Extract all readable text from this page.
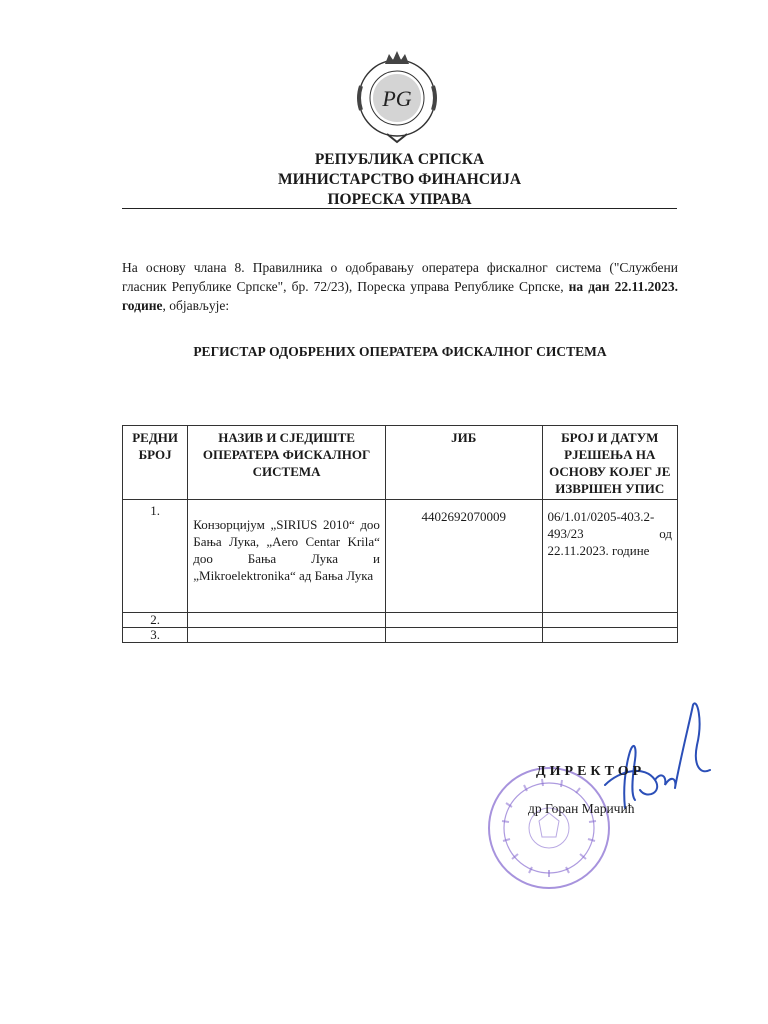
PG
РЕПУБЛИКА СРПСКА
МИНИСТАРСТВО ФИНАНСИЈА
ПОРЕСКА УПРАВА
На основу члана 8. Правилника о одобравању оператера фискалног система ("Службени гласник Републике Српске", бр. 72/23), Пореска управа Републике Српске, на дан 22.11.2023. године, објављује:
РЕГИСТАР ОДОБРЕНИХ ОПЕРАТЕРА ФИСКАЛНОГ СИСТЕМА
РЕДНИ БРОЈ	НАЗИВ И СЈЕДИШТЕ ОПЕРАТЕРА ФИСКАЛНОГ СИСТЕМА	ЈИБ	БРОЈ И ДАТУМ РЈЕШЕЊА НА ОСНОВУ КОЈЕГ ЈЕ ИЗВРШЕН УПИС
1.	Конзорцијум „SIRIUS 2010“ доо Бања Лука, „Aero Centar Krila“ доо Бања Лука и „Mikroelektronika“ ад Бања Лука	4402692070009	06/1.01/0205-403.2-
493/23 од
22.11.2023. године

2.			
3.			
ДИРЕКТОР
др Горан Маричић
